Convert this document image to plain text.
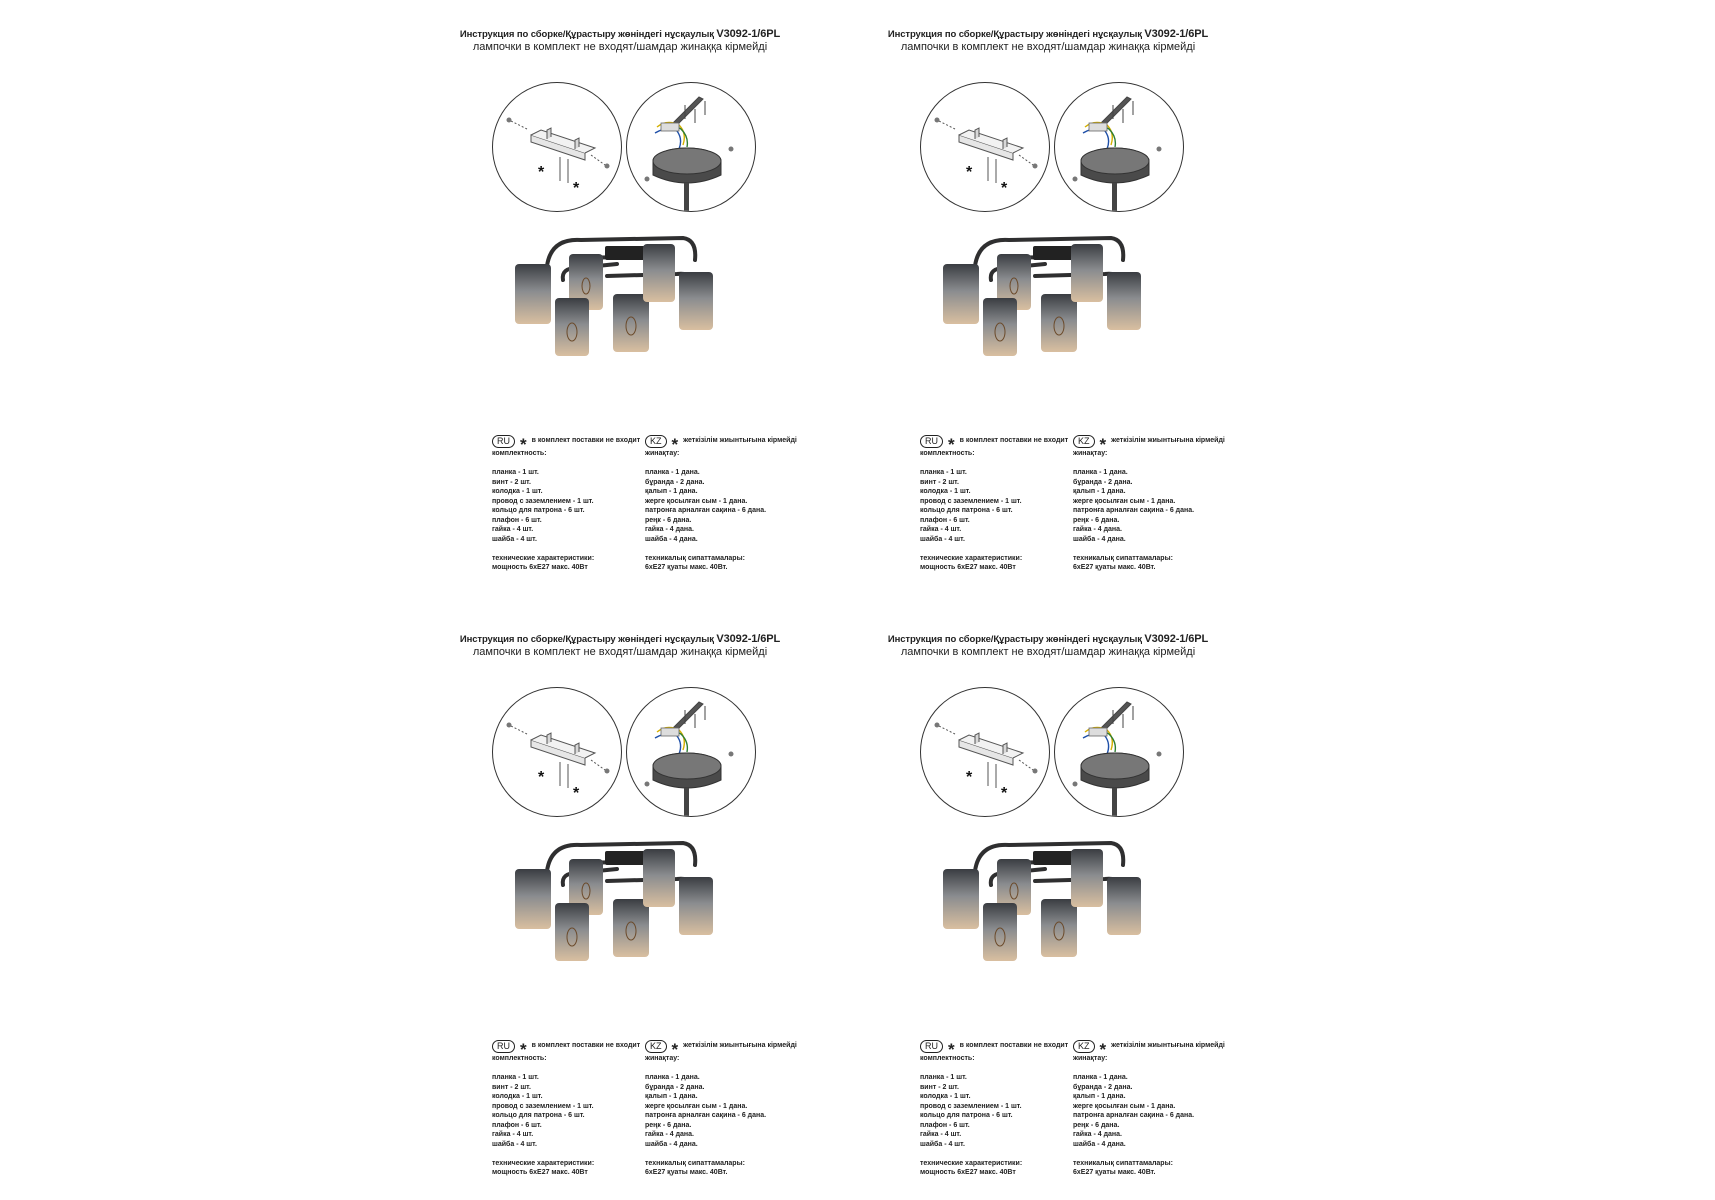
Инструкция по сборке/Құрастыру жөніндегі нұсқаулық V3092-1/6PL
лампочки в комплект не входят/шамдар жинаққа кірмейді
*
*
RU * в комплект поставки не входит
комплектность:
планка - 1 шт.
винт - 2 шт.
колодка - 1 шт.
провод с заземлением - 1 шт.
кольцо для патрона - 6 шт.
плафон - 6 шт.
гайка - 4 шт.
шайба - 4 шт.
технические характеристики:
мощность 6xE27 макс. 40Вт
KZ * жеткізілім жиынтығына кірмейді
жинақтау:
планка - 1 дана.
бұранда - 2 дана.
қалып - 1 дана.
жерге қосылған сым - 1 дана.
патронға арналған сақина - 6 дана.
реңк - 6 дана.
гайка - 4 дана.
шайба - 4 дана.
техникалық сипаттамалары:
6xE27 қуаты макс. 40Вт.
Инструкция по сборке/Құрастыру жөніндегі нұсқаулық V3092-1/6PL
лампочки в комплект не входят/шамдар жинаққа кірмейді
*
*
RU * в комплект поставки не входит
комплектность:
планка - 1 шт.
винт - 2 шт.
колодка - 1 шт.
провод с заземлением - 1 шт.
кольцо для патрона - 6 шт.
плафон - 6 шт.
гайка - 4 шт.
шайба - 4 шт.
технические характеристики:
мощность 6xE27 макс. 40Вт
KZ * жеткізілім жиынтығына кірмейді
жинақтау:
планка - 1 дана.
бұранда - 2 дана.
қалып - 1 дана.
жерге қосылған сым - 1 дана.
патронға арналған сақина - 6 дана.
реңк - 6 дана.
гайка - 4 дана.
шайба - 4 дана.
техникалық сипаттамалары:
6xE27 қуаты макс. 40Вт.
Инструкция по сборке/Құрастыру жөніндегі нұсқаулық V3092-1/6PL
лампочки в комплект не входят/шамдар жинаққа кірмейді
*
*
RU * в комплект поставки не входит
комплектность:
планка - 1 шт.
винт - 2 шт.
колодка - 1 шт.
провод с заземлением - 1 шт.
кольцо для патрона - 6 шт.
плафон - 6 шт.
гайка - 4 шт.
шайба - 4 шт.
технические характеристики:
мощность 6xE27 макс. 40Вт
KZ * жеткізілім жиынтығына кірмейді
жинақтау:
планка - 1 дана.
бұранда - 2 дана.
қалып - 1 дана.
жерге қосылған сым - 1 дана.
патронға арналған сақина - 6 дана.
реңк - 6 дана.
гайка - 4 дана.
шайба - 4 дана.
техникалық сипаттамалары:
6xE27 қуаты макс. 40Вт.
Инструкция по сборке/Құрастыру жөніндегі нұсқаулық V3092-1/6PL
лампочки в комплект не входят/шамдар жинаққа кірмейді
*
*
RU * в комплект поставки не входит
комплектность:
планка - 1 шт.
винт - 2 шт.
колодка - 1 шт.
провод с заземлением - 1 шт.
кольцо для патрона - 6 шт.
плафон - 6 шт.
гайка - 4 шт.
шайба - 4 шт.
технические характеристики:
мощность 6xE27 макс. 40Вт
KZ * жеткізілім жиынтығына кірмейді
жинақтау:
планка - 1 дана.
бұранда - 2 дана.
қалып - 1 дана.
жерге қосылған сым - 1 дана.
патронға арналған сақина - 6 дана.
реңк - 6 дана.
гайка - 4 дана.
шайба - 4 дана.
техникалық сипаттамалары:
6xE27 қуаты макс. 40Вт.
